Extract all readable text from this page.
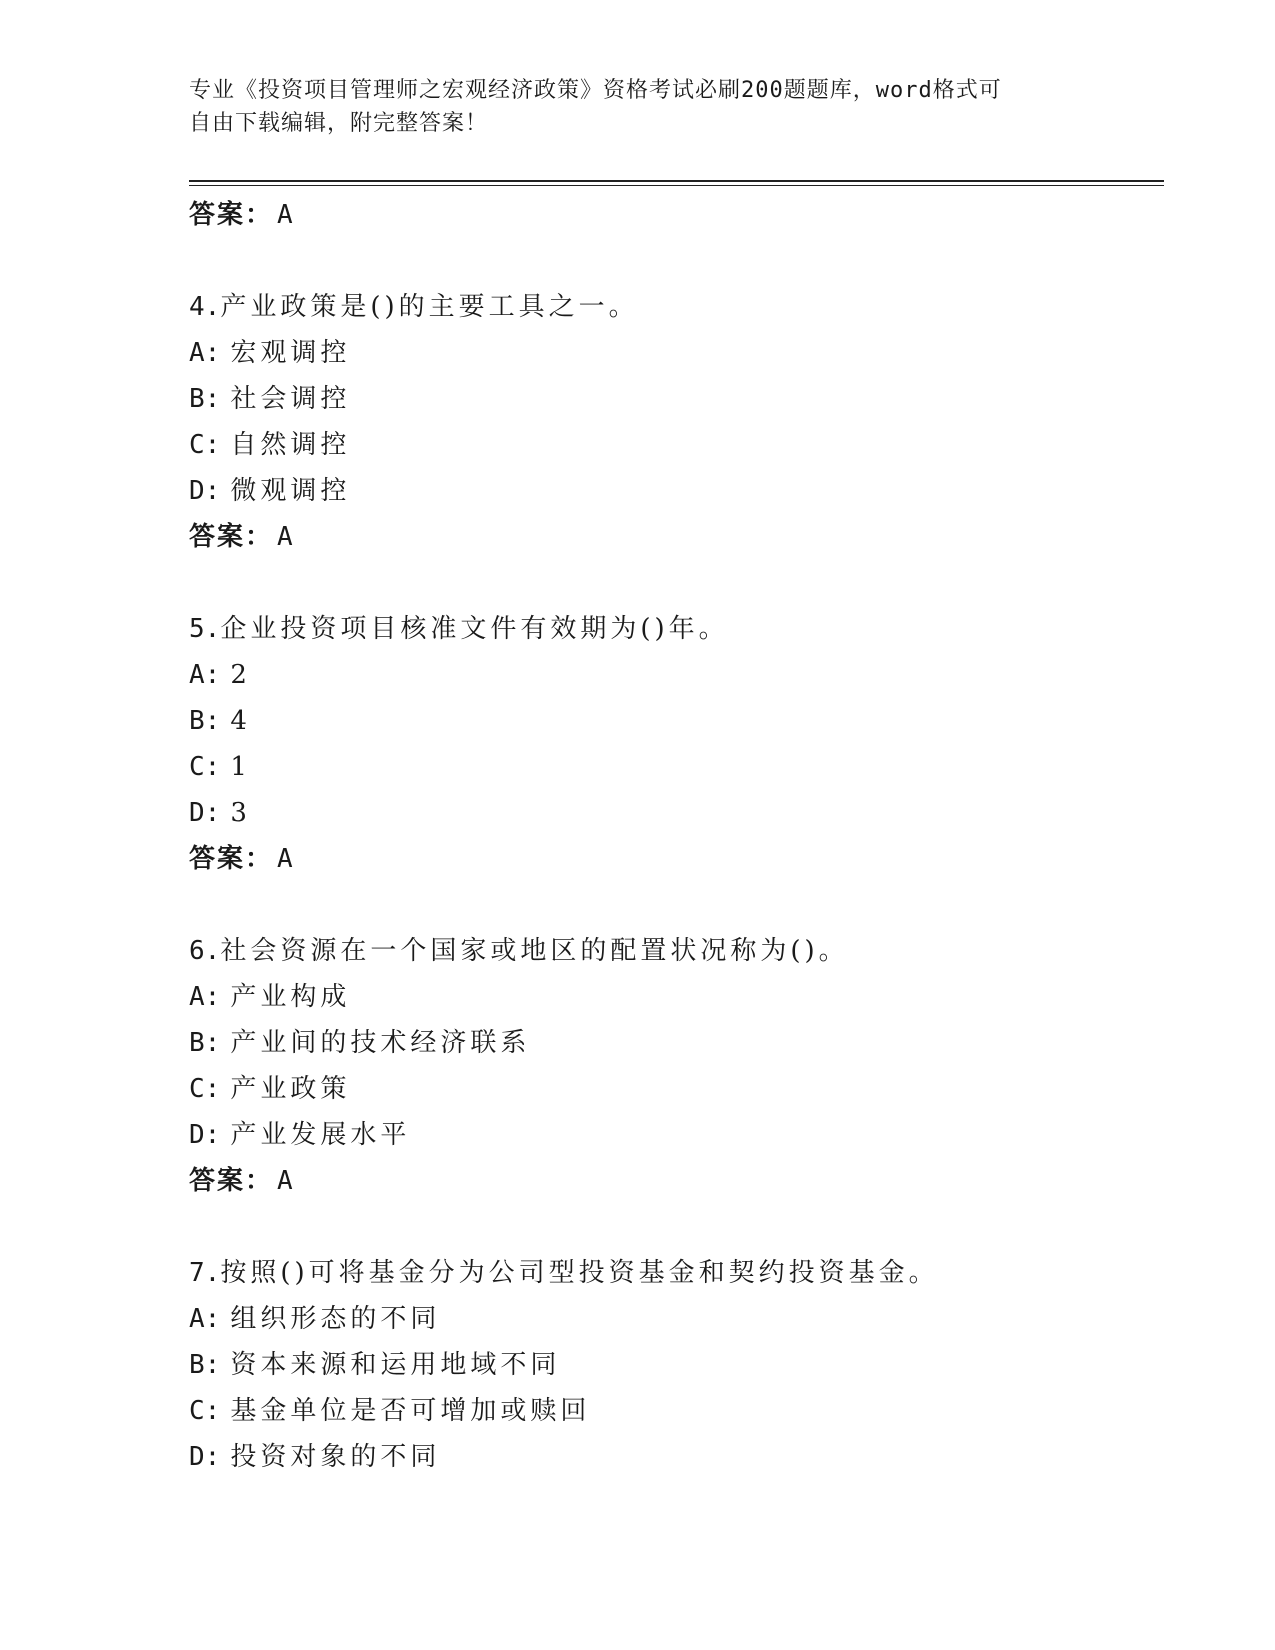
专业《投资项目管理师之宏观经济政策》资格考试必刷200题题库，word格式可
自由下载编辑，附完整答案！
答案： A
4.产业政策是()的主要工具之一。
A: 宏观调控
B: 社会调控
C: 自然调控
D: 微观调控
答案： A
5.企业投资项目核准文件有效期为()年。
A: 2
B: 4
C: 1
D: 3
答案： A
6.社会资源在一个国家或地区的配置状况称为()。
A: 产业构成
B: 产业间的技术经济联系
C: 产业政策
D: 产业发展水平
答案： A
7.按照()可将基金分为公司型投资基金和契约投资基金。
A: 组织形态的不同
B: 资本来源和运用地域不同
C: 基金单位是否可增加或赎回
D: 投资对象的不同
